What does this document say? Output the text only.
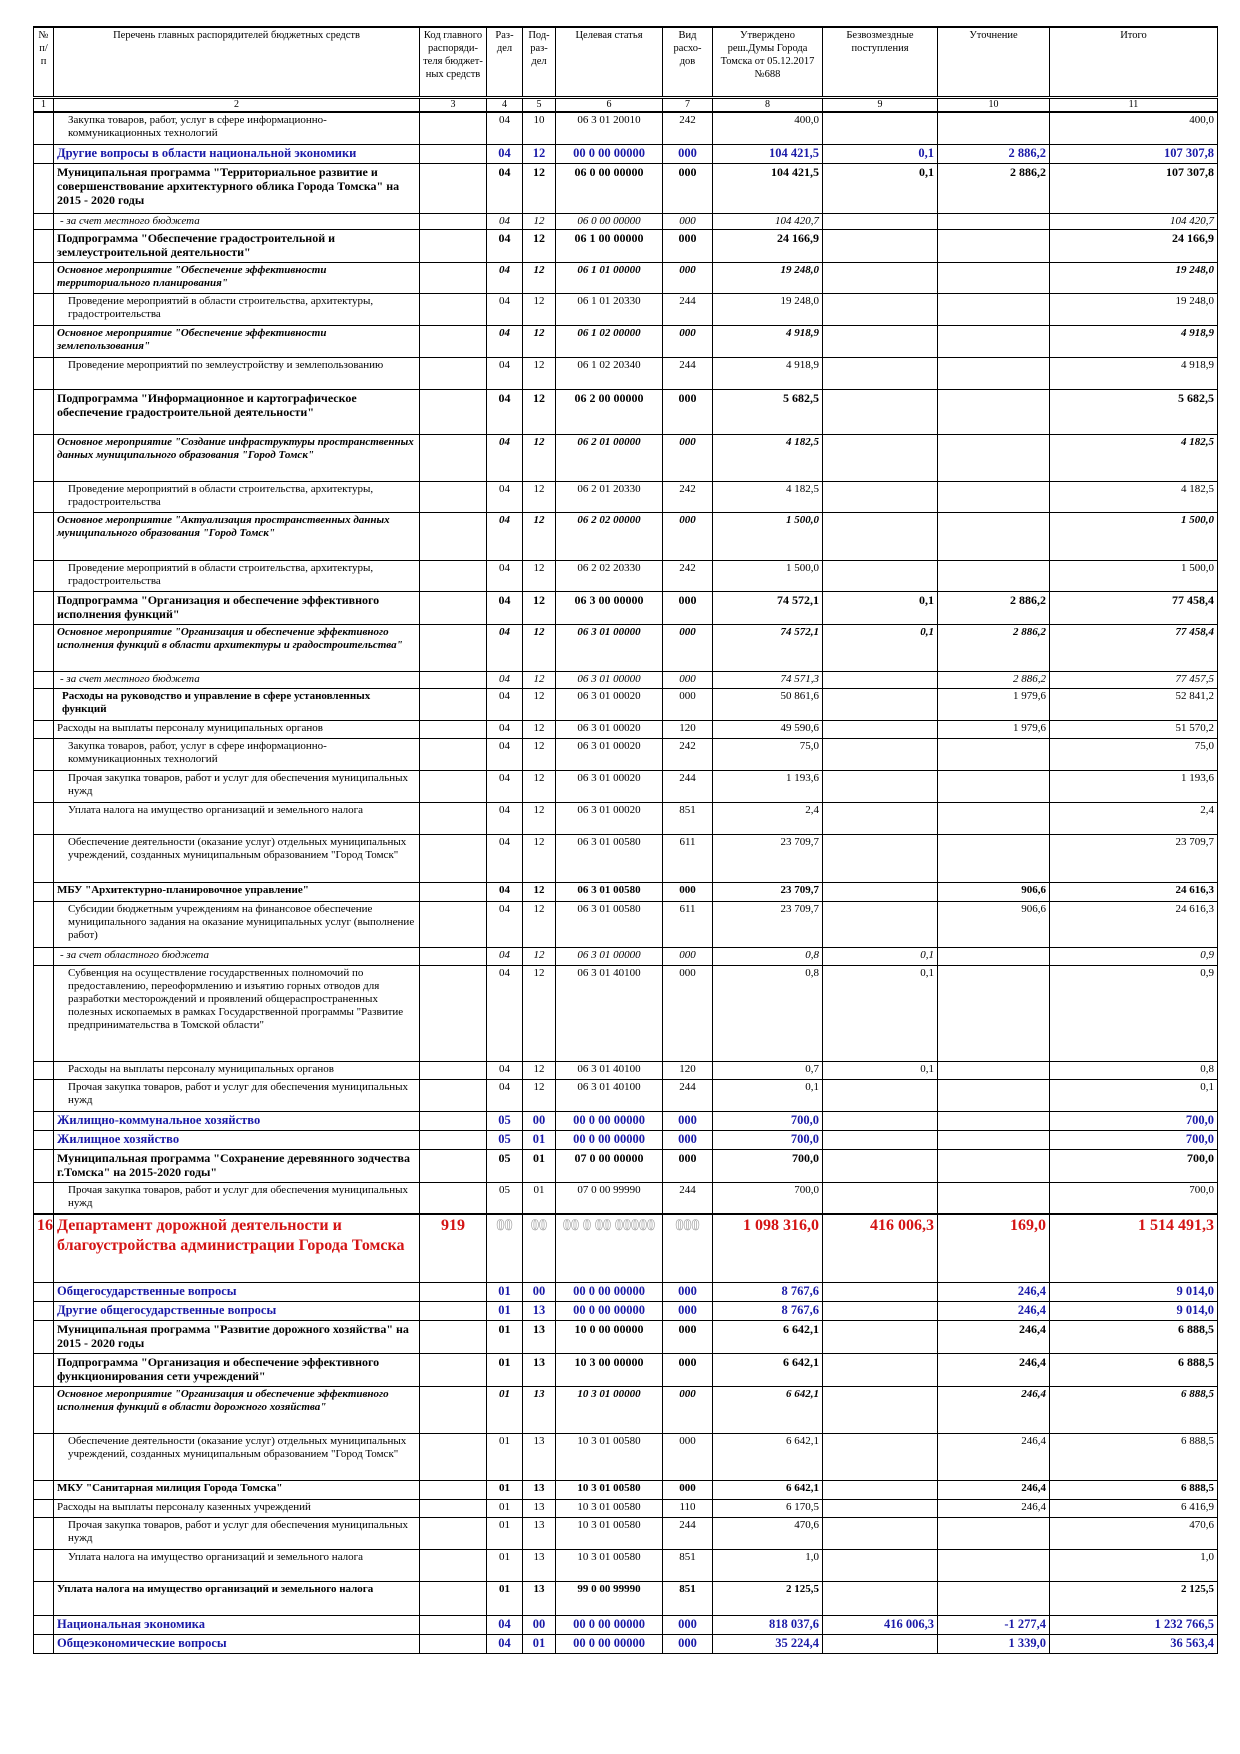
№ п/п	Перечень главных распорядителей бюджетных средств	Код главного распоряди- теля бюджет- ных средств	Раз- дел	Под- раз- дел	Целевая статья	Вид расхо- дов	Утверждено реш.Думы Города Томска от 05.12.2017 №688	Безвозмездные поступления	Уточнение	Итого
1	2	3	4	5	6	7	8	9	10	11
	Закупка товаров, работ, услуг в сфере информационно-коммуникационных технологий		04	10	06 3 01 20010	242	400,0			400,0
	Другие вопросы в области национальной экономики		04	12	00 0 00 00000	000	104 421,5	0,1	2 886,2	107 307,8
	Муниципальная программа "Территориальное развитие и совершенствование архитектурного облика Города Томска" на 2015 - 2020 годы		04	12	06 0 00 00000	000	104 421,5	0,1	2 886,2	107 307,8
	- за счет местного бюджета		04	12	06 0 00 00000	000	104 420,7			104 420,7
	Подпрограмма "Обеспечение градостроительной и землеустроительной деятельности"		04	12	06 1 00 00000	000	24 166,9			24 166,9
	Основное мероприятие "Обеспечение эффективности территориального планирования"		04	12	06 1 01 00000	000	19 248,0			19 248,0
	Проведение мероприятий в области строительства, архитектуры, градостроительства		04	12	06 1 01 20330	244	19 248,0			19 248,0
	Основное мероприятие "Обеспечение эффективности землепользования"		04	12	06 1 02 00000	000	4 918,9			4 918,9
	Проведение мероприятий по землеустройству и землепользованию		04	12	06 1 02 20340	244	4 918,9			4 918,9
	Подпрограмма "Информационное и картографическое обеспечение градостроительной деятельности"		04	12	06 2 00 00000	000	5 682,5			5 682,5
	Основное мероприятие "Создание инфраструктуры пространственных данных муниципального образования "Город Томск"		04	12	06 2 01 00000	000	4 182,5			4 182,5
	Проведение мероприятий в области строительства, архитектуры, градостроительства		04	12	06 2 01 20330	242	4 182,5			4 182,5
	Основное мероприятие "Актуализация пространственных данных муниципального образования "Город Томск"		04	12	06 2 02 00000	000	1 500,0			1 500,0
	Проведение мероприятий в области строительства, архитектуры, градостроительства		04	12	06 2 02 20330	242	1 500,0			1 500,0
	Подпрограмма "Организация и обеспечение эффективного исполнения функций"		04	12	06 3 00 00000	000	74 572,1	0,1	2 886,2	77 458,4
	Основное мероприятие "Организация и обеспечение эффективного исполнения функций в области архитектуры и градостроительства"		04	12	06 3 01 00000	000	74 572,1	0,1	2 886,2	77 458,4
	- за счет местного бюджета		04	12	06 3 01 00000	000	74 571,3		2 886,2	77 457,5
	Расходы на руководство и управление в сфере установленных функций		04	12	06 3 01 00020	000	50 861,6		1 979,6	52 841,2
	Расходы на выплаты персоналу муниципальных органов		04	12	06 3 01 00020	120	49 590,6		1 979,6	51 570,2
	Закупка товаров, работ, услуг в сфере информационно-коммуникационных технологий		04	12	06 3 01 00020	242	75,0			75,0
	Прочая закупка товаров, работ и услуг для обеспечения муниципальных нужд		04	12	06 3 01 00020	244	1 193,6			1 193,6
	Уплата налога на имущество организаций и земельного налога		04	12	06 3 01 00020	851	2,4			2,4
	Обеспечение деятельности (оказание услуг) отдельных муниципальных учреждений, созданных муниципальным образованием "Город Томск"		04	12	06 3 01 00580	611	23 709,7			23 709,7
	МБУ "Архитектурно-планировочное управление"		04	12	06 3 01 00580	000	23 709,7		906,6	24 616,3
	Субсидии бюджетным учреждениям на финансовое обеспечение муниципального задания на оказание муниципальных услуг (выполнение работ)		04	12	06 3 01 00580	611	23 709,7		906,6	24 616,3
	- за счет областного бюджета		04	12	06 3 01 00000	000	0,8	0,1		0,9
	Субвенция на осуществление государственных полномочий по предоставлению, переоформлению и изъятию горных отводов для разработки месторождений и проявлений общераспространенных полезных ископаемых в рамках Государственной программы "Развитие предпринимательства в Томской области"		04	12	06 3 01 40100	000	0,8	0,1		0,9
	Расходы на выплаты персоналу муниципальных органов		04	12	06 3 01 40100	120	0,7	0,1		0,8
	Прочая закупка товаров, работ и услуг для обеспечения муниципальных нужд		04	12	06 3 01 40100	244	0,1			0,1
	Жилищно-коммунальное хозяйство		05	00	00 0 00 00000	000	700,0			700,0
	Жилищное хозяйство		05	01	00 0 00 00000	000	700,0			700,0
	Муниципальная программа "Сохранение деревянного зодчества г.Томска" на 2015-2020 годы"		05	01	07 0 00 00000	000	700,0			700,0
	Прочая закупка товаров, работ и услуг для обеспечения муниципальных нужд		05	01	07 0 00 99990	244	700,0			700,0
16	Департамент дорожной деятельности и благоустройства администрации Города Томска	919	00	00	00 0 00 00000	000	1 098 316,0	416 006,3	169,0	1 514 491,3
	Общегосударственные вопросы		01	00	00 0 00 00000	000	8 767,6		246,4	9 014,0
	Другие общегосударственные вопросы		01	13	00 0 00 00000	000	8 767,6		246,4	9 014,0
	Муниципальная программа "Развитие дорожного хозяйства" на 2015 - 2020 годы		01	13	10 0 00 00000	000	6 642,1		246,4	6 888,5
	Подпрограмма "Организация и обеспечение эффективного функционирования сети учреждений"		01	13	10 3 00 00000	000	6 642,1		246,4	6 888,5
	Основное мероприятие "Организация и обеспечение эффективного исполнения функций в области дорожного хозяйства"		01	13	10 3 01 00000	000	6 642,1		246,4	6 888,5
	Обеспечение деятельности (оказание услуг) отдельных муниципальных учреждений, созданных муниципальным образованием "Город Томск"		01	13	10 3 01 00580	000	6 642,1		246,4	6 888,5
	МКУ "Санитарная милиция Города Томска"		01	13	10 3 01 00580	000	6 642,1		246,4	6 888,5
	Расходы на выплаты персоналу казенных учреждений		01	13	10 3 01 00580	110	6 170,5		246,4	6 416,9
	Прочая закупка товаров, работ и услуг для обеспечения муниципальных нужд		01	13	10 3 01 00580	244	470,6			470,6
	Уплата налога на имущество организаций и земельного налога		01	13	10 3 01 00580	851	1,0			1,0
	Уплата налога на имущество организаций и земельного налога		01	13	99 0 00 99990	851	2 125,5			2 125,5
	Национальная экономика		04	00	00 0 00 00000	000	818 037,6	416 006,3	-1 277,4	1 232 766,5
	Общеэкономические вопросы		04	01	00 0 00 00000	000	35 224,4		1 339,0	36 563,4
